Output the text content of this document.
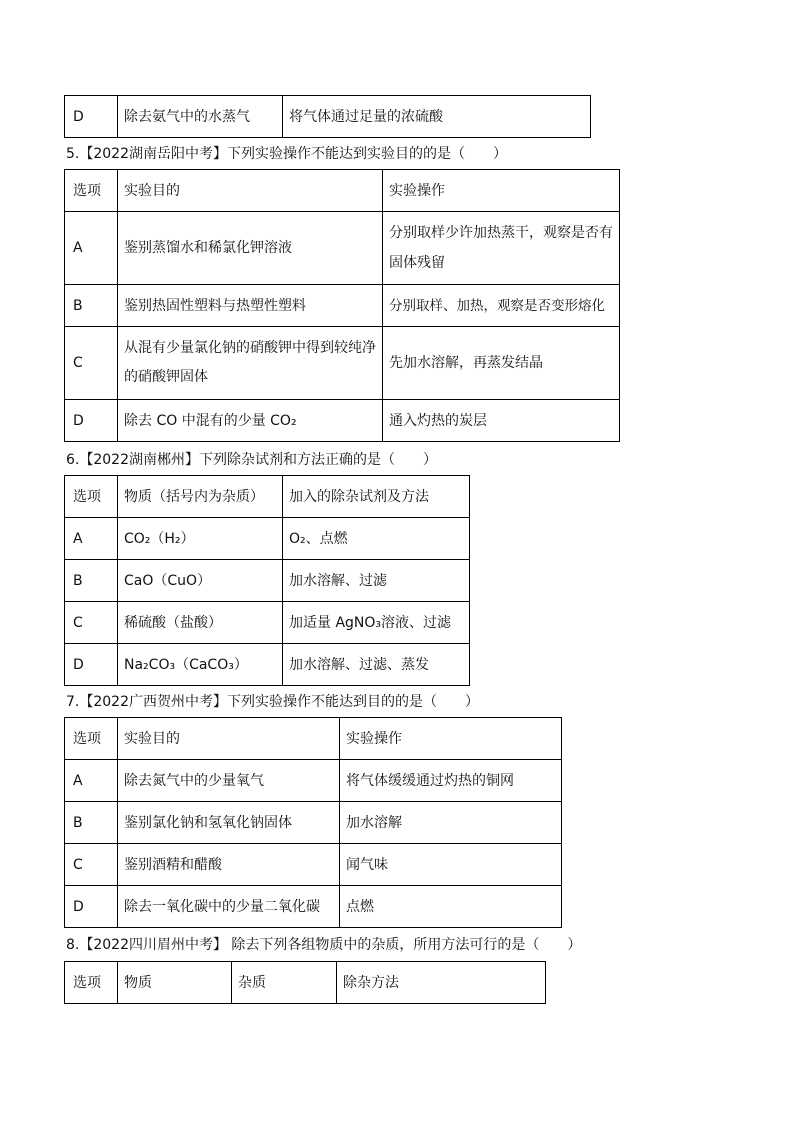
D	除去氨气中的水蒸气	将气体通过足量的浓硫酸
5.【2022湖南岳阳中考】下列实验操作不能达到实验目的的是（　　）
选项	实验目的	实验操作
A	鉴别蒸馏水和稀氯化钾溶液	分别取样少许加热蒸干，观察是否有固体残留
B	鉴别热固性塑料与热塑性塑料	分别取样、加热，观察是否变形熔化
C	从混有少量氯化钠的硝酸钾中得到较纯净的硝酸钾固体	先加水溶解，再蒸发结晶
D	除去 CO 中混有的少量 CO₂	通入灼热的炭层
6.【2022湖南郴州】下列除杂试剂和方法正确的是（　　）
选项	物质（括号内为杂质）	加入的除杂试剂及方法
A	CO₂（H₂）	O₂、点燃
B	CaO（CuO）	加水溶解、过滤
C	稀硫酸（盐酸）	加适量 AgNO₃溶液、过滤
D	Na₂CO₃（CaCO₃）	加水溶解、过滤、蒸发
7.【2022广西贺州中考】下列实验操作不能达到目的的是（　　）
选项	实验目的	实验操作
A	除去氮气中的少量氧气	将气体缓缓通过灼热的铜网
B	鉴别氯化钠和氢氧化钠固体	加水溶解
C	鉴别酒精和醋酸	闻气味
D	除去一氧化碳中的少量二氧化碳	点燃
8.【2022四川眉州中考】 除去下列各组物质中的杂质，所用方法可行的是（　　）
选项	物质	杂质	除杂方法
